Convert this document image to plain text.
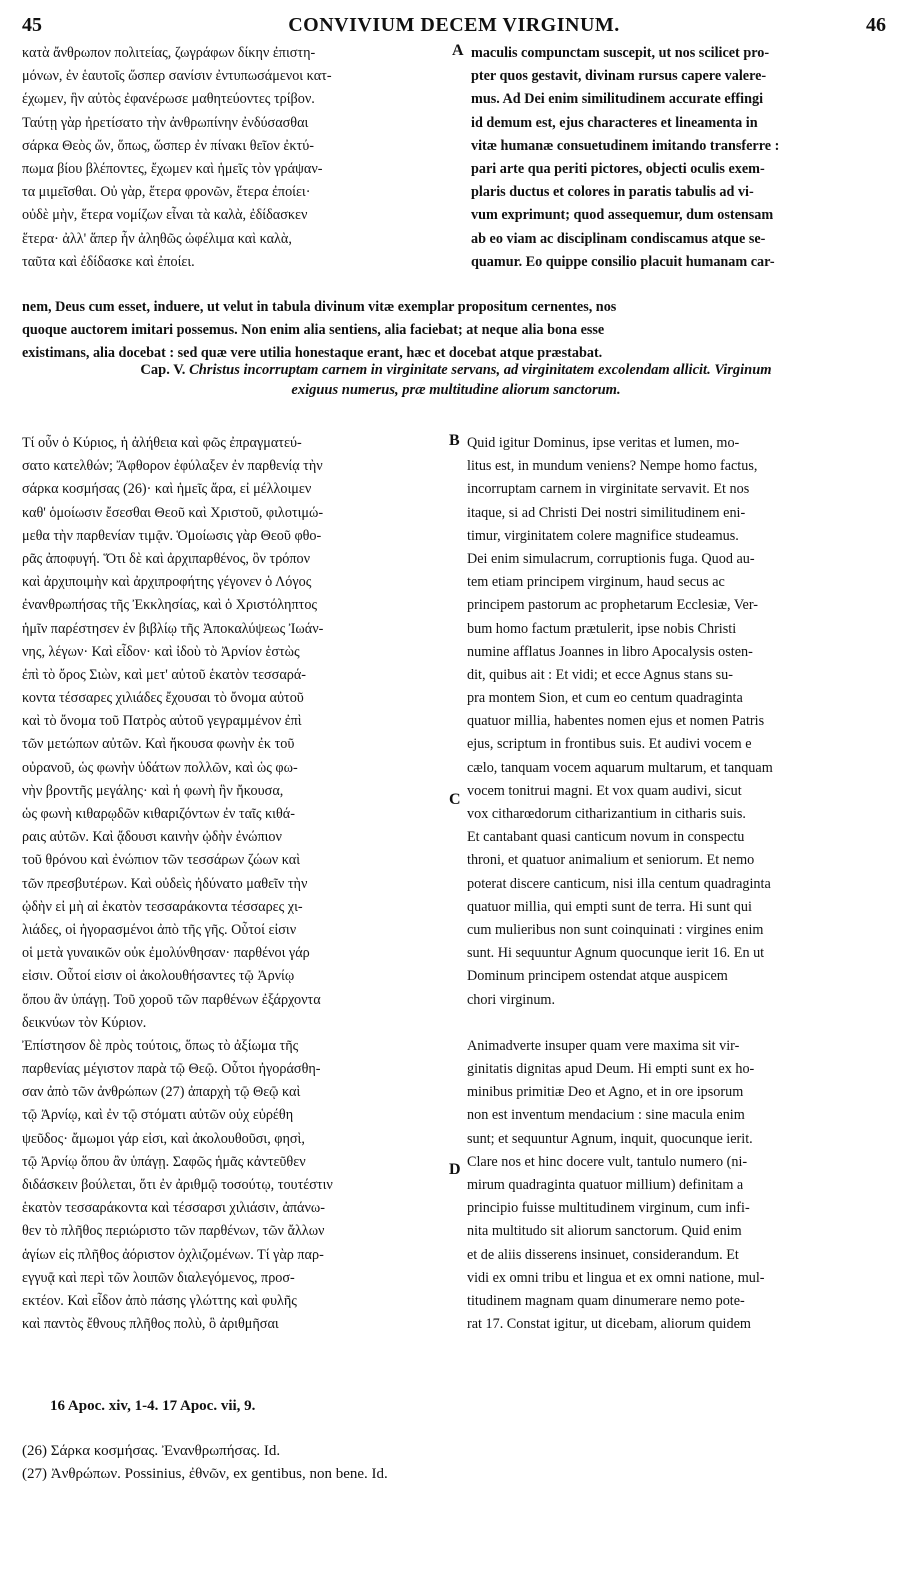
45	CONVIVIUM DECEM VIRGINUM.	46
κατὰ ἄνθρωπον πολιτείας, ζωγράφων δίκην ἐπιστη-
μόνων, ἐν ἑαυτοῖς ὥσπερ σανίσιν ἐντυπωσάμενοι κατ-
έχωμεν, ἣν αὐτὸς ἐφανέρωσε μαθητεύοντες τρίβον.
Ταύτῃ γὰρ ἠρετίσατο τὴν ἀνθρωπίνην ἐνδύσασθαι
σάρκα Θεὸς ὤν, ὅπως, ὥσπερ ἐν πίνακι θεῖον ἐκτύ-
πωμα βίου βλέποντες, ἔχωμεν καὶ ἡμεῖς τὸν γράψαν-
τα μιμεῖσθαι. Οὐ γὰρ, ἕτερα φρονῶν, ἕτερα ἐποίει·
οὐδὲ μὴν, ἕτερα νομίζων εἶναι τὰ καλὰ, ἐδίδασκεν
ἕτερα· ἀλλ' ἅπερ ἦν ἀληθῶς ὠφέλιμα καὶ καλὰ,
ταῦτα καὶ ἐδίδασκε καὶ ἐποίει.
maculis compunctam suscepit, ut nos scilicet pro-
pter quos gestavit, divinam rursus capere valere-
mus. Ad Dei enim similitudinem accurate effingi
id demum est, ejus characteres et lineamenta in
vitæ humanæ consuetudinem imitando transferre :
pari arte qua periti pictores, objecti oculis exem-
plaris ductus et colores in paratis tabulis ad vi-
vum exprimunt; quod assequemur, dum ostensam
ab eo viam ac disciplinam condiscamus atque se-
quamur. Eo quippe consilio placuit humanam car-
A
nem, Deus cum esset, induere, ut velut in tabula divinum vitæ exemplar propositum cernentes, nos
quoque auctorem imitari possemus. Non enim alia sentiens, alia faciebat; at neque alia bona esse
existimans, alia docebat : sed quæ vere utilia honestaque erant, hæc et docebat atque præstabat.
Cap. V. Christus incorruptam carnem in virginitate servans, ad virginitatem excolendam allicit. Virginum
exiguus numerus, præ multitudine aliorum sanctorum.
Τί οὖν ὁ Κύριος, ἡ ἀλήθεια καὶ φῶς ἐπραγματεύ-
σατο κατελθών; Ἄφθορον ἐφύλαξεν ἐν παρθενίᾳ τὴν
σάρκα κοσμήσας (26)· καὶ ἡμεῖς ἄρα, εἰ μέλλοιμεν
καθ' ὁμοίωσιν ἔσεσθαι Θεοῦ καὶ Χριστοῦ, φιλοτιμώ-
μεθα τὴν παρθενίαν τιμᾷν. Ὁμοίωσις γὰρ Θεοῦ φθο-
ρᾶς ἀποφυγή. Ὅτι δὲ καὶ ἀρχιπαρθένος, ὃν τρόπον
καὶ ἀρχιποιμὴν καὶ ἀρχιπροφήτης γέγονεν ὁ Λόγος
ἐνανθρωπήσας τῆς Ἐκκλησίας, καὶ ὁ Χριστόληπτος
ἡμῖν παρέστησεν ἐν βιβλίῳ τῆς Ἀποκαλύψεως Ἰωάν-
νης, λέγων· Καὶ εἶδον· καὶ ἰδοὺ τὸ Ἀρνίον ἑστὼς
ἐπὶ τὸ ὄρος Σιὼν, καὶ μετ' αὐτοῦ ἑκατὸν τεσσαρά-
κοντα τέσσαρες χιλιάδες ἔχουσαι τὸ ὄνομα αὐτοῦ
καὶ τὸ ὄνομα τοῦ Πατρὸς αὐτοῦ γεγραμμένον ἐπὶ
τῶν μετώπων αὐτῶν. Καὶ ἤκουσα φωνὴν ἐκ τοῦ
οὐρανοῦ, ὡς φωνὴν ὑδάτων πολλῶν, καὶ ὡς φω-
νὴν βροντῆς μεγάλης· καὶ ἡ φωνὴ ἣν ἤκουσα,
ὡς φωνὴ κιθαρῳδῶν κιθαριζόντων ἐν ταῖς κιθά-
ραις αὐτῶν. Καὶ ᾄδουσι καινὴν ᾠδὴν ἐνώπιον
τοῦ θρόνου καὶ ἐνώπιον τῶν τεσσάρων ζώων καὶ
τῶν πρεσβυτέρων. Καὶ οὐδεὶς ἠδύνατο μαθεῖν τὴν
ᾠδὴν εἰ μὴ αἱ ἑκατὸν τεσσαράκοντα τέσσαρες χι-
λιάδες, οἱ ἠγορασμένοι ἀπὸ τῆς γῆς. Οὗτοί εἰσιν
οἱ μετὰ γυναικῶν οὐκ ἐμολύνθησαν· παρθένοι γάρ
εἰσιν. Οὗτοί εἰσιν οἱ ἀκολουθήσαντες τῷ Ἀρνίῳ
ὅπου ἂν ὑπάγῃ. Τοῦ χοροῦ τῶν παρθένων ἐξάρχοντα
δεικνύων τὸν Κύριον.
Ἐπίστησον δὲ πρὸς τούτοις, ὅπως τὸ ἀξίωμα τῆς
παρθενίας μέγιστον παρὰ τῷ Θεῷ. Οὗτοι ἠγοράσθη-
σαν ἀπὸ τῶν ἀνθρώπων (27) ἀπαρχὴ τῷ Θεῷ καὶ
τῷ Ἀρνίῳ, καὶ ἐν τῷ στόματι αὐτῶν οὐχ εὑρέθη
ψεῦδος· ἄμωμοι γάρ εἰσι, καὶ ἀκολουθοῦσι, φησὶ,
τῷ Ἀρνίῳ ὅπου ἂν ὑπάγῃ. Σαφῶς ἡμᾶς κἀντεῦθεν
διδάσκειν βούλεται, ὅτι ἐν ἀριθμῷ τοσούτῳ, τουτέστιν
ἑκατὸν τεσσαράκοντα καὶ τέσσαρσι χιλιάσιν, ἀπάνω-
θεν τὸ πλῆθος περιώριστο τῶν παρθένων, τῶν ἄλλων
ἁγίων εἰς πλῆθος ἀόριστον ὀχλιζομένων. Τί γὰρ παρ-
εγγυᾷ καὶ περὶ τῶν λοιπῶν διαλεγόμενος, προσ-
εκτέον. Καὶ εἶδον ἀπὸ πάσης γλώττης καὶ φυλῆς
καὶ παντὸς ἔθνους πλῆθος πολὺ, ὃ ἀριθμῆσαι
Quid igitur Dominus, ipse veritas et lumen, mo-
litus est, in mundum veniens? Nempe homo factus,
incorruptam carnem in virginitate servavit. Et nos
itaque, si ad Christi Dei nostri similitudinem eni-
timur, virginitatem colere magnifice studeamus.
Dei enim simulacrum, corruptionis fuga. Quod au-
tem etiam principem virginum, haud secus ac
principem pastorum ac prophetarum Ecclesiæ, Ver-
bum homo factum prætulerit, ipse nobis Christi
numine afflatus Joannes in libro Apocalysis osten-
dit, quibus ait : Et vidi; et ecce Agnus stans su-
pra montem Sion, et cum eo centum quadraginta
quatuor millia, habentes nomen ejus et nomen Patris
ejus, scriptum in frontibus suis. Et audivi vocem e
cælo, tanquam vocem aquarum multarum, et tanquam
vocem tonitrui magni. Et vox quam audivi, sicut
vox citharœdorum citharizantium in citharis suis.
Et cantabant quasi canticum novum in conspectu
throni, et quatuor animalium et seniorum. Et nemo
poterat discere canticum, nisi illa centum quadraginta
quatuor millia, qui empti sunt de terra. Hi sunt qui
cum mulieribus non sunt coinquinati : virgines enim
sunt. Hi sequuntur Agnum quocunque ierit 16. En ut
Dominum principem ostendat atque auspicem
chori virginum.
Animadverte insuper quam vere maxima sit vir-
ginitatis dignitas apud Deum. Hi empti sunt ex ho-
minibus primitiæ Deo et Agno, et in ore ipsorum
non est inventum mendacium : sine macula enim
sunt; et sequuntur Agnum, inquit, quocunque ierit.
Clare nos et hinc docere vult, tantulo numero (ni-
mirum quadraginta quatuor millium) definitam a
principio fuisse multitudinem virginum, cum infi-
nita multitudo sit aliorum sanctorum. Quid enim
et de aliis disserens insinuet, considerandum. Et
vidi ex omni tribu et lingua et ex omni natione, mul-
titudinem magnam quam dinumerare nemo pote-
rat 17. Constat igitur, ut dicebam, aliorum quidem
B
C
D
16 Apoc. xiv, 1-4. 17 Apoc. vii, 9.
(26) Σάρκα κοσμήσας. Ἐνανθρωπήσας. Id.
(27) Ἀνθρώπων. Possinius, ἐθνῶν, ex gentibus, non bene. Id.
